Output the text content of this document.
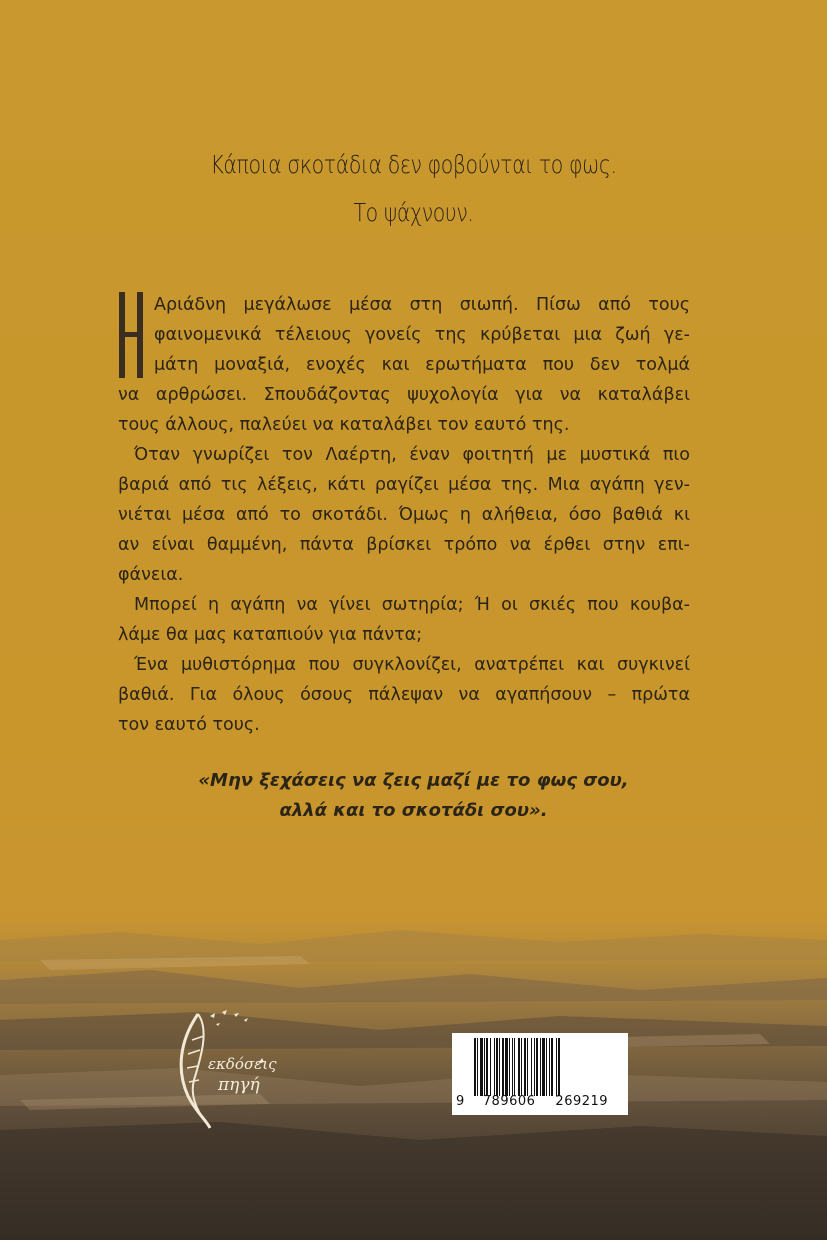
Κάποια σκοτάδια δεν φοβούνται το φως.
Το ψάχνουν.
Αριάδνη μεγάλωσε μέσα στη σιωπή. Πίσω από τους
φαινομενικά τέλειους γονείς της κρύβεται μια ζωή γε-
μάτη μοναξιά, ενοχές και ερωτήματα που δεν τολμά
να αρθρώσει. Σπουδάζοντας ψυχολογία για να καταλάβει
τους άλλους, παλεύει να καταλάβει τον εαυτό της.
Όταν γνωρίζει τον Λαέρτη, έναν φοιτητή με μυστικά πιο
βαριά από τις λέξεις, κάτι ραγίζει μέσα της. Μια αγάπη γεν-
νιέται μέσα από το σκοτάδι. Όμως η αλήθεια, όσο βαθιά κι
αν είναι θαμμένη, πάντα βρίσκει τρόπο να έρθει στην επι-
φάνεια.
Μπορεί η αγάπη να γίνει σωτηρία; Ή οι σκιές που κουβα-
λάμε θα μας καταπιούν για πάντα;
Ένα μυθιστόρημα που συγκλονίζει, ανατρέπει και συγκινεί
βαθιά. Για όλους όσους πάλεψαν να αγαπήσουν – πρώτα
τον εαυτό τους.
«Μην ξεχάσεις να ζεις μαζί με το φως σου,
αλλά και το σκοτάδι σου».
εκδόσεις
πηγή
9 789606 269219
